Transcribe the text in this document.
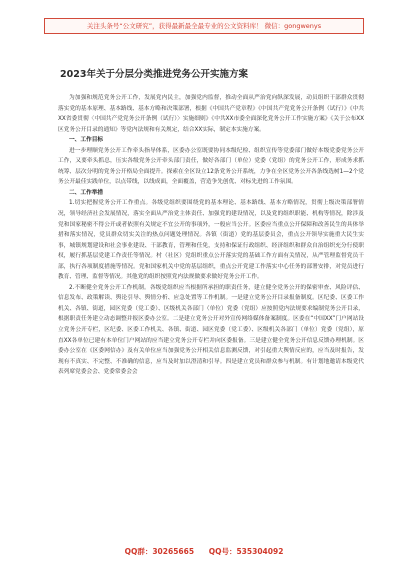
关注头条号“公文研究”，获得最新最全最专业的公文资料库！ 微信：gongwenys
2023年关于分层分类推进党务公开实施方案

为加强和规范党务公开工作，发展党内民主，加强党内监督，推动全面从严治党向纵深发展，动员组织干部群众贯彻落实党的基本原理、基本路线、基本方略和决策部署，根据《中国共产党章程》《中国共产党党务公开条例（试行）》《中共XX省委贯彻〈中国共产党党务公开条例（试行）〉实施细则》《中共XX市委全面深化党务公开工作实施方案》《关于公布XX区党务公开目录的通知》等党内法规和有关规定，结合XX实际，制定本实施方案。

一、工作目标

进一步理顺党务公开工作牵头指导体系，区委办公室既要协同本级纪检、组织宣传等党委部门做好本级党委党务公开工作，又要牵头抓总，压实各级党务公开牵头部门责任，做好各部门（单位）党委（党组）的党务公开工作，形成务求抓统筹、层次分明的党务公开格局全面提升。探索在全区设立12条党务公开系统，力争在全区党务公开各条线选树1—2个党务公开最佳实践单位，以点带线，以线成面，全面覆盖，营造争先创优、对标先进的工作氛围。

二、工作举措

1.切实把握党务公开工作重点。各级党组织要围绕党的基本理论、基本路线、基本方略情况，贯彻上级决策部署情况，领导经济社会发展情况，落实全面从严治党主体责任、加强党的建设情况，以及党的组织职能、机构等情况，除涉及党和国家秘密不得公开或者依照有关规定不宜公开的事项外，一般应当公开。区委应当重点公开保障和改善民生的具体举措和落实情况，党员群众切实关注的热点问题处理情况。各镇（街道）党的基层委员会，重点公开领导实施重大民生实事，城镇规划建设和社会事业建设、干部教育，管理和任免，支持和保证行政组织、经济组织和群众自治组织充分行使职权，履行抓基层党建工作责任等情况。村（社区）党组织重点公开落实党的基础工作方面有关情况，从严管理监督党员干部，执行各项制度措施等情况。党和国家机关中党的基层组织，重点公开党建工作落实中心任务的部署安排，对党员进行教育、管理、监督等情况。其他党的组织按照党内法规做要求做好党务公开工作。

2.不断健全党务公开工作机制。各级党组织应当根据所承担的职责任务，建立健全党务公开的保密审查、风险评估、信息发布、政策解读、舆论引导、舆情分析、应急处置等工作机制。一是建立党务公开目录报备制度。区纪委、区委工作机关、各镇、街道，园区党委（党工委）、区级机关各部门（单位）党委（党组）应按照党内法规要求编制党务公开目录，根据职责任务建立动态调整并报区委办公室。二是建立党务公开对外宣传网络媒体备案制度。区委在“中国XX”门户网站设立党务公开专栏，区纪委、区委工作机关、各镇、街道、园区党委（党工委）、区级机关各部门（单位）党委（党组），原直XX各单位已建有本单位门户网站的应当建立党务公开专栏并向区委报备。三是建立健全党务公开信息反馈办理机制。区委办公室在《区委网信办》及有关单位应当加强党务公开相关信息监测反馈，对引起重大舆情反应的，应当及时报告，发现有不真实、不完整、不准确的信息，应当及时加以澄清和引导。四是建立党员和群众参与机制。有计划地邀请本级党代表列席党委会会、党委常委会会

QQ群：30265665 QQ号：535304092
